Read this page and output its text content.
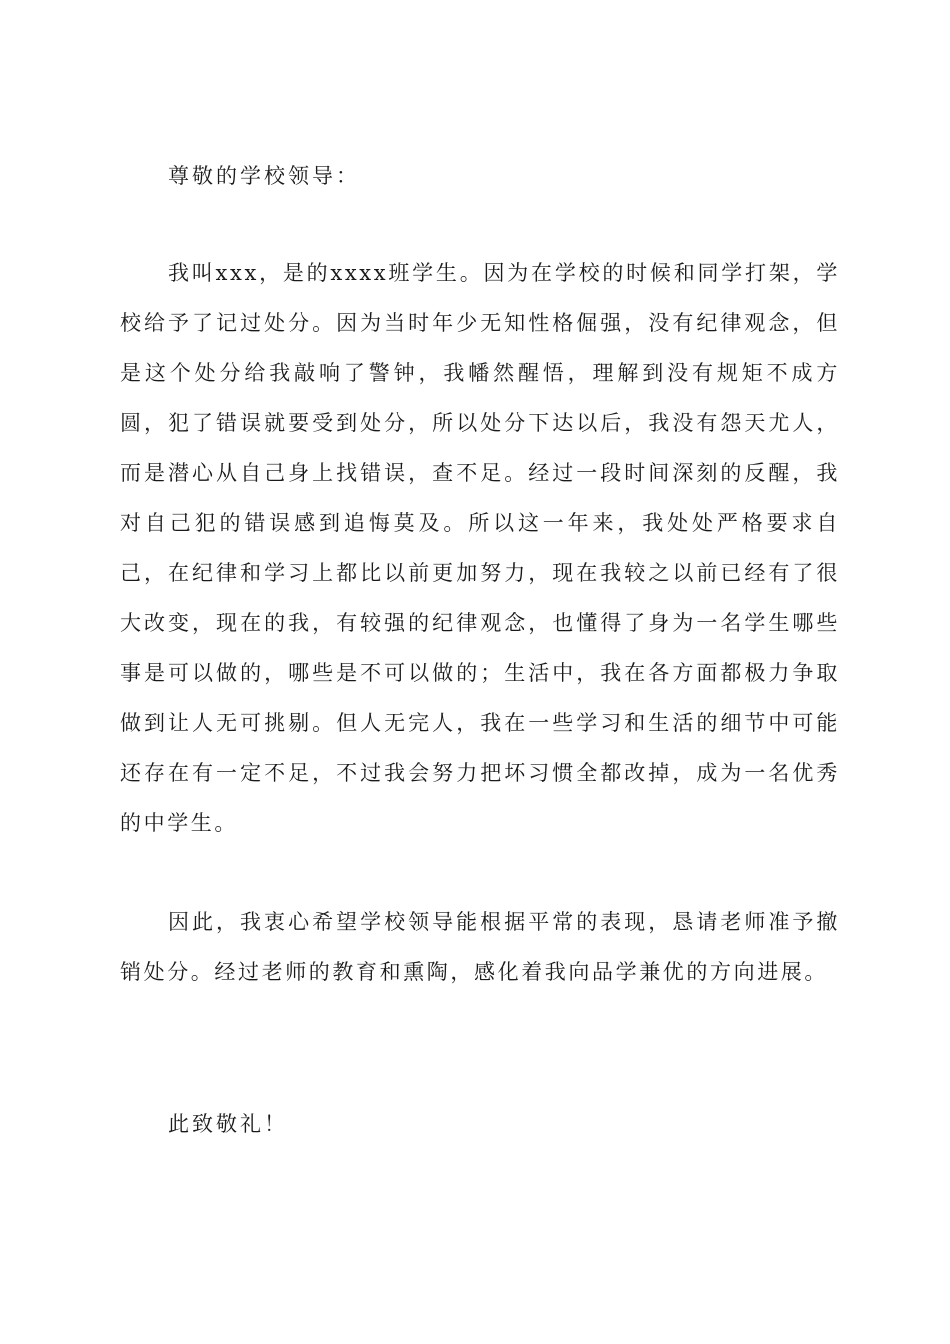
尊敬的学校领导：

我叫xxx，是的xxxx班学生。因为在学校的时候和同学打架，学校给予了记过处分。因为当时年少无知性格倔强，没有纪律观念，但是这个处分给我敲响了警钟，我幡然醒悟，理解到没有规矩不成方圆，犯了错误就要受到处分，所以处分下达以后，我没有怨天尤人，而是潜心从自己身上找错误，查不足。经过一段时间深刻的反醒，我对自己犯的错误感到追悔莫及。所以这一年来，我处处严格要求自己，在纪律和学习上都比以前更加努力，现在我较之以前已经有了很大改变，现在的我，有较强的纪律观念，也懂得了身为一名学生哪些事是可以做的，哪些是不可以做的；生活中，我在各方面都极力争取做到让人无可挑剔。但人无完人，我在一些学习和生活的细节中可能还存在有一定不足，不过我会努力把坏习惯全都改掉，成为一名优秀的中学生。

因此，我衷心希望学校领导能根据平常的表现，恳请老师准予撤销处分。经过老师的教育和熏陶，感化着我向品学兼优的方向进展。

此致敬礼！
